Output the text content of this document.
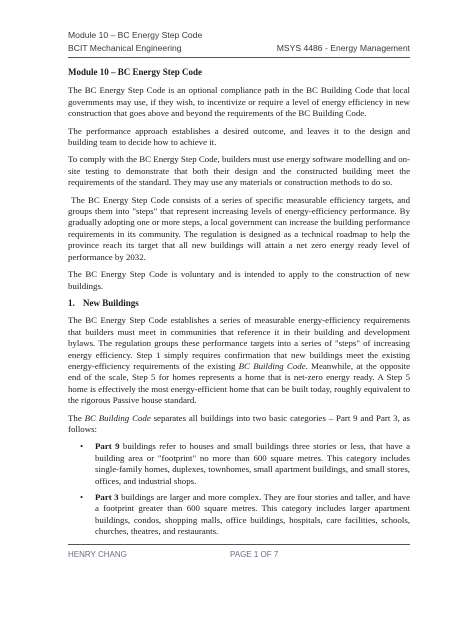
Module 10 – BC Energy Step Code
BCIT Mechanical Engineering	MSYS 4486 - Energy Management
Module 10 – BC Energy Step Code

The BC Energy Step Code is an optional compliance path in the BC Building Code that local governments may use, if they wish, to incentivize or require a level of energy efficiency in new construction that goes above and beyond the requirements of the BC Building Code.

The performance approach establishes a desired outcome, and leaves it to the design and building team to decide how to achieve it.

To comply with the BC Energy Step Code, builders must use energy software modelling and on-site testing to demonstrate that both their design and the constructed building meet the requirements of the standard. They may use any materials or construction methods to do so.

The BC Energy Step Code consists of a series of specific measurable efficiency targets, and groups them into "steps" that represent increasing levels of energy-efficiency performance. By gradually adopting one or more steps, a local government can increase the building performance requirements in its community. The regulation is designed as a technical roadmap to help the province reach its target that all new buildings will attain a net zero energy ready level of performance by 2032.

The BC Energy Step Code is voluntary and is intended to apply to the construction of new buildings.

1. New Buildings

The BC Energy Step Code establishes a series of measurable energy-efficiency requirements that builders must meet in communities that reference it in their building and development bylaws. The regulation groups these performance targets into a series of "steps" of increasing energy efficiency. Step 1 simply requires confirmation that new buildings meet the existing energy-efficiency requirements of the existing BC Building Code. Meanwhile, at the opposite end of the scale, Step 5 for homes represents a home that is net-zero energy ready. A Step 5 home is effectively the most energy-efficient home that can be built today, roughly equivalent to the rigorous Passive house standard.

The BC Building Code separates all buildings into two basic categories – Part 9 and Part 3, as follows:

• Part 9 buildings refer to houses and small buildings three stories or less, that have a building area or "footprint" no more than 600 square metres. This category includes single-family homes, duplexes, townhomes, small apartment buildings, and small stores, offices, and industrial shops.
• Part 3 buildings are larger and more complex. They are four stories and taller, and have a footprint greater than 600 square metres. This category includes larger apartment buildings, condos, shopping malls, office buildings, hospitals, care facilities, schools, churches, theatres, and restaurants.
HENRY CHANG	PAGE 1 OF 7
